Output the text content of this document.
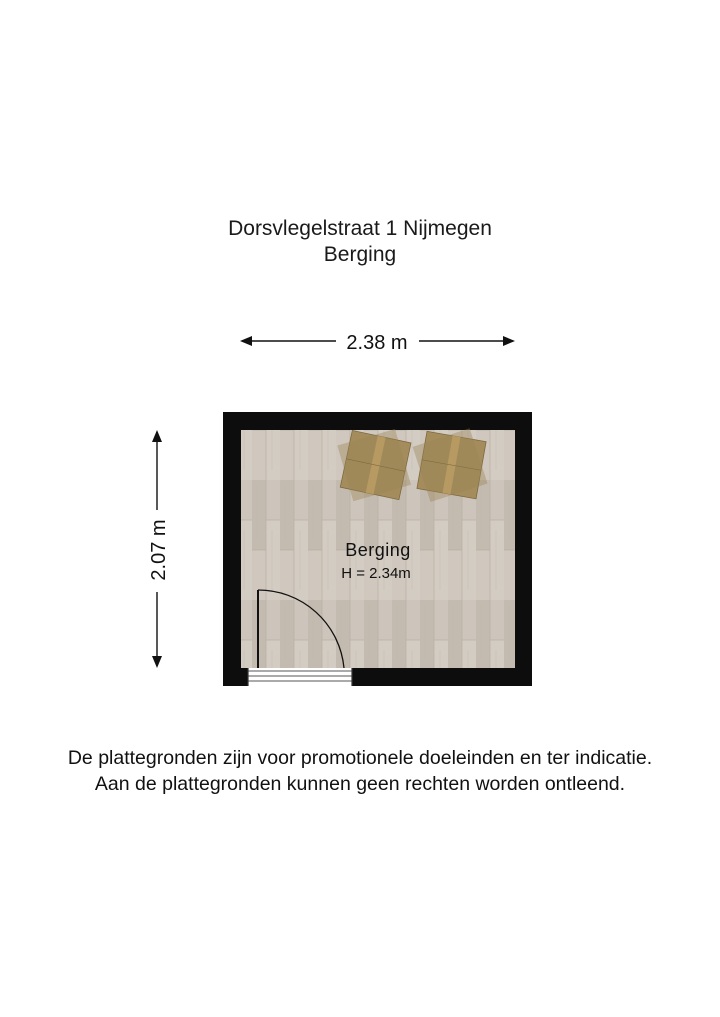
Dorsvlegelstraat 1 Nijmegen
Berging
2.38 m
2.07 m	Berging
H = 2.34m
De plattegronden zijn voor promotionele doeleinden en ter indicatie.
Aan de plattegronden kunnen geen rechten worden ontleend.
